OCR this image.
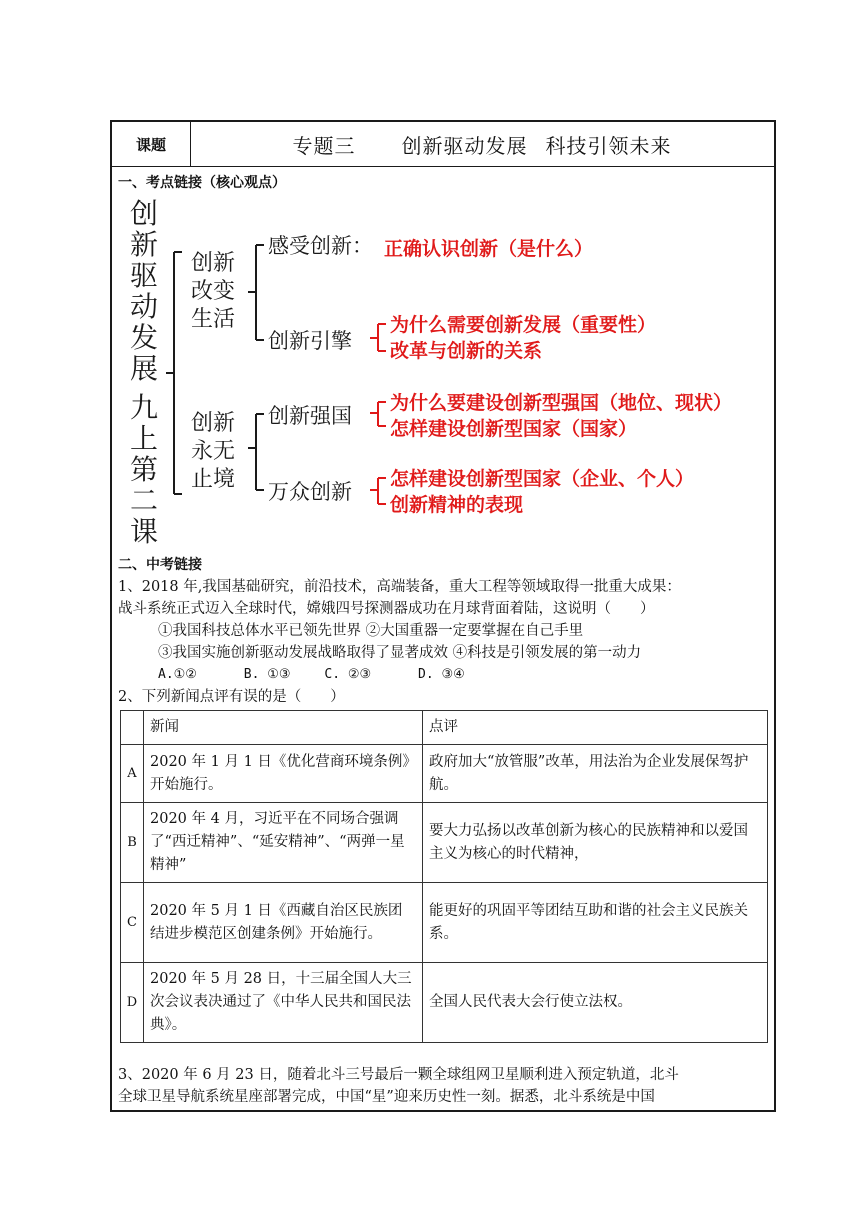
课题	专题三 创新驱动发展 科技引领未来
一、考点链接（核心观点）
创
新
驱
动
发
展
九
上
第
二
课
创新
改变
生活
创新
永无
止境
感受创新： 正确认识创新（是什么）
创新引擎
为什么需要创新发展（重要性）
改革与创新的关系
创新强国
为什么要建设创新型强国（地位、现状）
怎样建设创新型国家（国家）
万众创新
怎样建设创新型国家（企业、个人）
创新精神的表现
二、中考链接
1、2018 年,我国基础研究，前沿技术，高端装备，重大工程等领域取得一批重大成果：
战斗系统正式迈入全球时代，嫦娥四号探测器成功在月球背面着陆，这说明（　　）
①我国科技总体水平已领先世界 ②大国重器一定要掌握在自己手里
③我国实施创新驱动发展战略取得了显著成效 ④科技是引领发展的第一动力
A.①②　　　 B. ①③　　 C. ②③　　　 D. ③④
2、下列新闻点评有误的是（　　）
	新闻	点评
A	2020 年 1 月 1 日《优化营商环境条例》开始施行。	政府加大“放管服”改革，用法治为企业发展保驾护航。
B	2020 年 4 月，习近平在不同场合强调了“西迁精神”、“延安精神”、“两弹一星精神”	要大力弘扬以改革创新为核心的民族精神和以爱国主义为核心的时代精神，
C	2020 年 5 月 1 日《西藏自治区民族团结进步模范区创建条例》开始施行。	能更好的巩固平等团结互助和谐的社会主义民族关系。
D	2020 年 5 月 28 日，十三届全国人大三次会议表决通过了《中华人民共和国民法典》。	全国人民代表大会行使立法权。
3、2020 年 6 月 23 日，随着北斗三号最后一颗全球组网卫星顺利进入预定轨道，北斗
全球卫星导航系统星座部署完成，中国“星”迎来历史性一刻。据悉，北斗系统是中国
